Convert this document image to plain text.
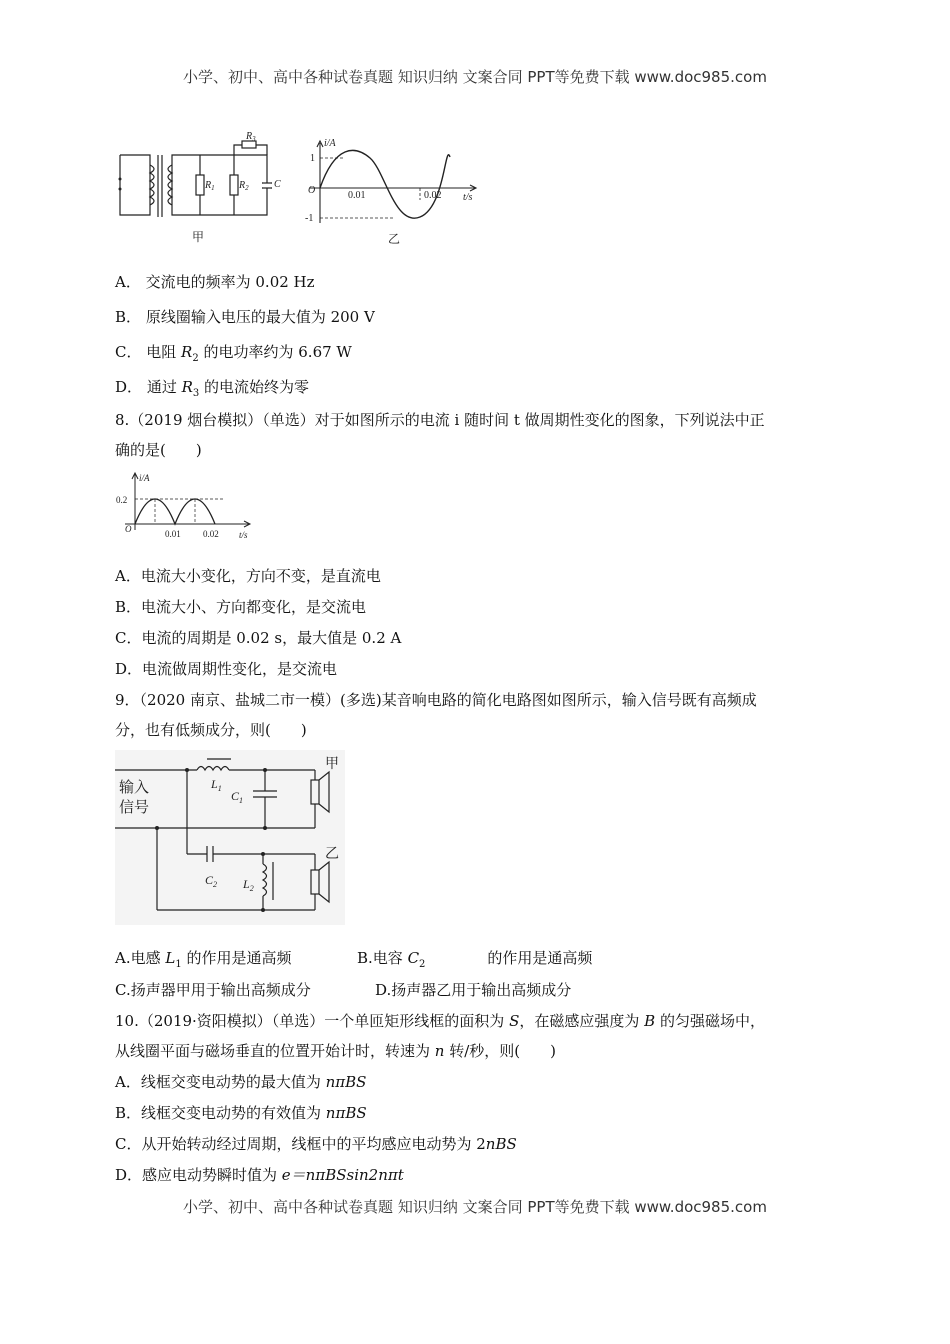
小学、初中、高中各种试卷真题 知识归纳 文案合同 PPT等免费下载 www.doc985.com
$R_1$ $R_2$
$R_3$
C
甲
i/A
t/s
O
1
-1
0.01	0.02
乙
A． 交流电的频率为 0.02 Hz
B． 原线圈输入电压的最大值为 200 V
C． 电阻 $R_2$ 的电功率约为 6.67 W
D． 通过 $R_3$ 的电流始终为零
8.（2019 烟台模拟）（单选）对于如图所示的电流 i 随时间 t 做周期性变化的图象，下列说法中正
确的是(　　)
i/A
t/s
O
0.2
0.01 0.02
A．电流大小变化，方向不变，是直流电
B．电流大小、方向都变化，是交流电
C．电流的周期是 0.02 s，最大值是 0.2 A
D．电流做周期性变化，是交流电
9．（2020 南京、盐城二市一模）(多选)某音响电路的简化电路图如图所示，输入信号既有高频成
分，也有低频成分，则(　　)
输入
信号
甲
乙
$L_1$
$C_1$
$C_2$ $L_2$
A.电感 $L_1$ 的作用是通高频	B.电容 $C_2$	的作用是通高频
C.扬声器甲用于输出高频成分	D.扬声器乙用于输出高频成分
10.（2019·资阳模拟）（单选）一个单匝矩形线框的面积为 S，在磁感应强度为 B 的匀强磁场中，
从线圈平面与磁场垂直的位置开始计时，转速为 n 转/秒，则(　　)
A．线框交变电动势的最大值为 nπBS
B．线框交变电动势的有效值为 nπBS
C．从开始转动经过周期，线框中的平均感应电动势为 2nBS
D．感应电动势瞬时值为 e＝nπBSsin2nπt
小学、初中、高中各种试卷真题 知识归纳 文案合同 PPT等免费下载 www.doc985.com
